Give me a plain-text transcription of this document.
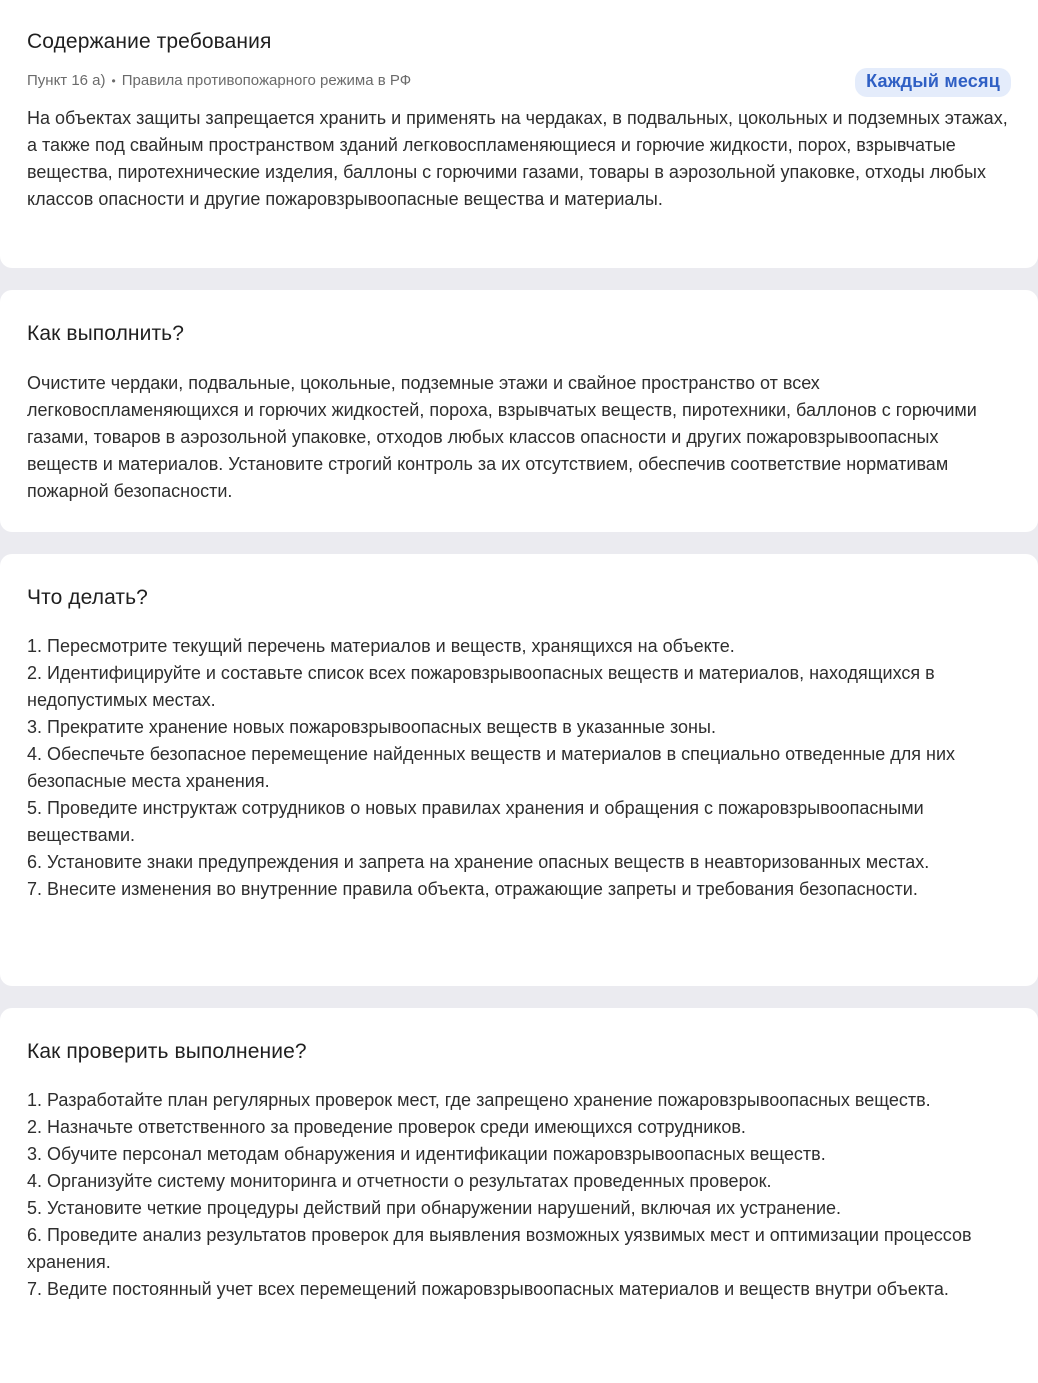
Содержание требования
Пункт 16 а) • Правила противопожарного режима в РФ	Каждый месяц

На объектах защиты запрещается хранить и применять на чердаках, в подвальных, цокольных и подземных этажах, а также под свайным пространством зданий легковоспламеняющиеся и горючие жидкости, порох, взрывчатые вещества, пиротехнические изделия, баллоны с горючими газами, товары в аэрозольной упаковке, отходы любых классов опасности и другие пожаровзрывоопасные вещества и материалы.

Как выполнить?

Очистите чердаки, подвальные, цокольные, подземные этажи и свайное пространство от всех легковоспламеняющихся и горючих жидкостей, пороха, взрывчатых веществ, пиротехники, баллонов с горючими газами, товаров в аэрозольной упаковке, отходов любых классов опасности и других пожаровзрывоопасных веществ и материалов. Установите строгий контроль за их отсутствием, обеспечив соответствие нормативам пожарной безопасности.

Что делать?
1. Пересмотрите текущий перечень материалов и веществ, хранящихся на объекте.
2. Идентифицируйте и составьте список всех пожаровзрывоопасных веществ и материалов, находящихся в недопустимых местах.
3. Прекратите хранение новых пожаровзрывоопасных веществ в указанные зоны.
4. Обеспечьте безопасное перемещение найденных веществ и материалов в специально отведенные для них безопасные места хранения.
5. Проведите инструктаж сотрудников о новых правилах хранения и обращения с пожаровзрывоопасными веществами.
6. Установите знаки предупреждения и запрета на хранение опасных веществ в неавторизованных местах.
7. Внесите изменения во внутренние правила объекта, отражающие запреты и требования безопасности.
Как проверить выполнение?
1. Разработайте план регулярных проверок мест, где запрещено хранение пожаровзрывоопасных веществ.
2. Назначьте ответственного за проведение проверок среди имеющихся сотрудников.
3. Обучите персонал методам обнаружения и идентификации пожаровзрывоопасных веществ.
4. Организуйте систему мониторинга и отчетности о результатах проведенных проверок.
5. Установите четкие процедуры действий при обнаружении нарушений, включая их устранение.
6. Проведите анализ результатов проверок для выявления возможных уязвимых мест и оптимизации процессов хранения.
7. Ведите постоянный учет всех перемещений пожаровзрывоопасных материалов и веществ внутри объекта.
